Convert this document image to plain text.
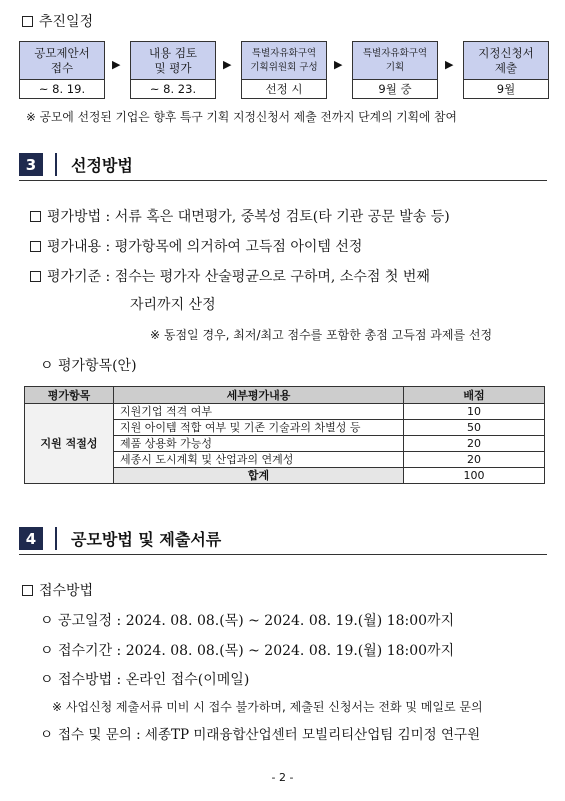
추진일정
공모제안서
접수
~ 8. 19.
▶
내용 검토
및 평가
~ 8. 23.
▶
특별자유화구역
기획위원회 구성
선정 시
▶
특별자유화구역
기획
9월 중
▶
지정신청서
제출
9월
※ 공모에 선정된 기업은 향후 특구 기획 지정신청서 제출 전까지 단계의 기획에 참여
3	선정방법
평가방법 : 서류 혹은 대면평가, 중복성 검토(타 기관 공문 발송 등)
평가내용 : 평가항목에 의거하여 고득점 아이템 선정
평가기준 : 점수는 평가자 산술평균으로 구하며, 소수점 첫 번째
자리까지 산정
※ 동점일 경우, 최저/최고 점수를 포함한 총점 고득점 과제를 선정
ㅇ 평가항목(안)
평가항목	세부평가내용	배점
지원 적절성	지원기업 적격 여부	10
	지원 아이템 적합 여부 및 기존 기술과의 차별성 등	50
	제품 상용화 가능성	20
	세종시 도시계획 및 산업과의 연계성	20
	합계	100
4	공모방법 및 제출서류
접수방법
ㅇ 공고일정 : 2024. 08. 08.(목) ~ 2024. 08. 19.(월) 18:00까지
ㅇ 접수기간 : 2024. 08. 08.(목) ~ 2024. 08. 19.(월) 18:00까지
ㅇ 접수방법 : 온라인 접수(이메일)
※ 사업신청 제출서류 미비 시 접수 불가하며, 제출된 신청서는 전화 및 메일로 문의
ㅇ 접수 및 문의 : 세종TP 미래융합산업센터 모빌리티산업팀 김미정 연구원
- 2 -
